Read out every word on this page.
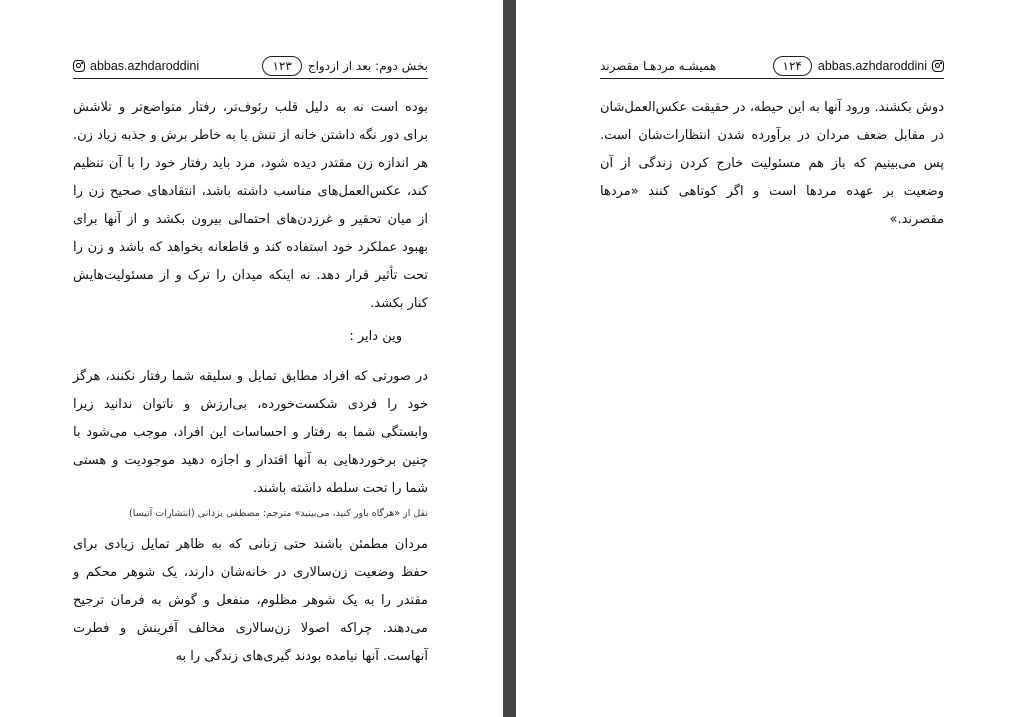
abbas.azhdaroddini	بخش دوم: بعد از ازدواج
۱۲۳

بوده است نه به دلیل قلب رئوف‌تر، رفتار متواضع‌تر و تلاشش برای دور نگه داشتن خانه از تنش یا به خاطر برش و جذبه زیاد زن. هر اندازه زن مقتدر دیده شود، مرد باید رفتار خود را با آن تنظیم کند، عکس‌العمل‌های مناسب داشته باشد، انتقادهای صحیح زن را از میان تحقیر و غرزدن‌های احتمالی بیرون بکشد و از آنها برای بهبود عملکرد خود استفاده کند و قاطعانه بخواهد که باشد و زن را تحت تأثیر قرار دهد. نه اینکه میدان را ترک و از مسئولیت‌هایش کنار بکشد.

وین دایر :

در صورتی که افراد مطابق تمایل و سلیقه شما رفتار نکنند، هرگز خود را فردی شکست‌خورده، بی‌ارزش و ناتوان ندانید زیرا وابستگی شما به رفتار و احساسات این افراد، موجب می‌شود با چنین برخوردهایی به آنها اقتدار و اجازه دهید موجودیت و هستی شما را تحت سلطه داشته باشند.

نقل از «هرگاه باور کنید، می‌بینید» مترجم: مصطفی یزدانی (انتشارات آتیسا)

مردان مطمئن باشند حتی زنانی که به ظاهر تمایل زیادی برای حفظ وضعیت زن‌سالاری در خانه‌شان دارند، یک شوهر محکم و مقتدر را به یک شوهر مظلوم، منفعل و گوش به فرمان ترجیح می‌دهند. چراکه اصولا زن‌سالاری مخالف آفرینش و فطرت آنهاست. آنها نیامده بودند گیری‌های زندگی را به

همیشـه مردهـا مقصرند	abbas.azhdaroddini
۱۲۴

دوش بکشند. ورود آنها به این حیطه، در حقیقت عکس‌العمل‌شان در مقابل ضعف مردان در برآورده شدن انتظارات‌شان است. پس می‌بینیم که باز هم مسئولیت خارج کردن زندگی از آن وضعیت بر عهده مردها است و اگر کوتاهی کنند «مردها مقصرند.»
